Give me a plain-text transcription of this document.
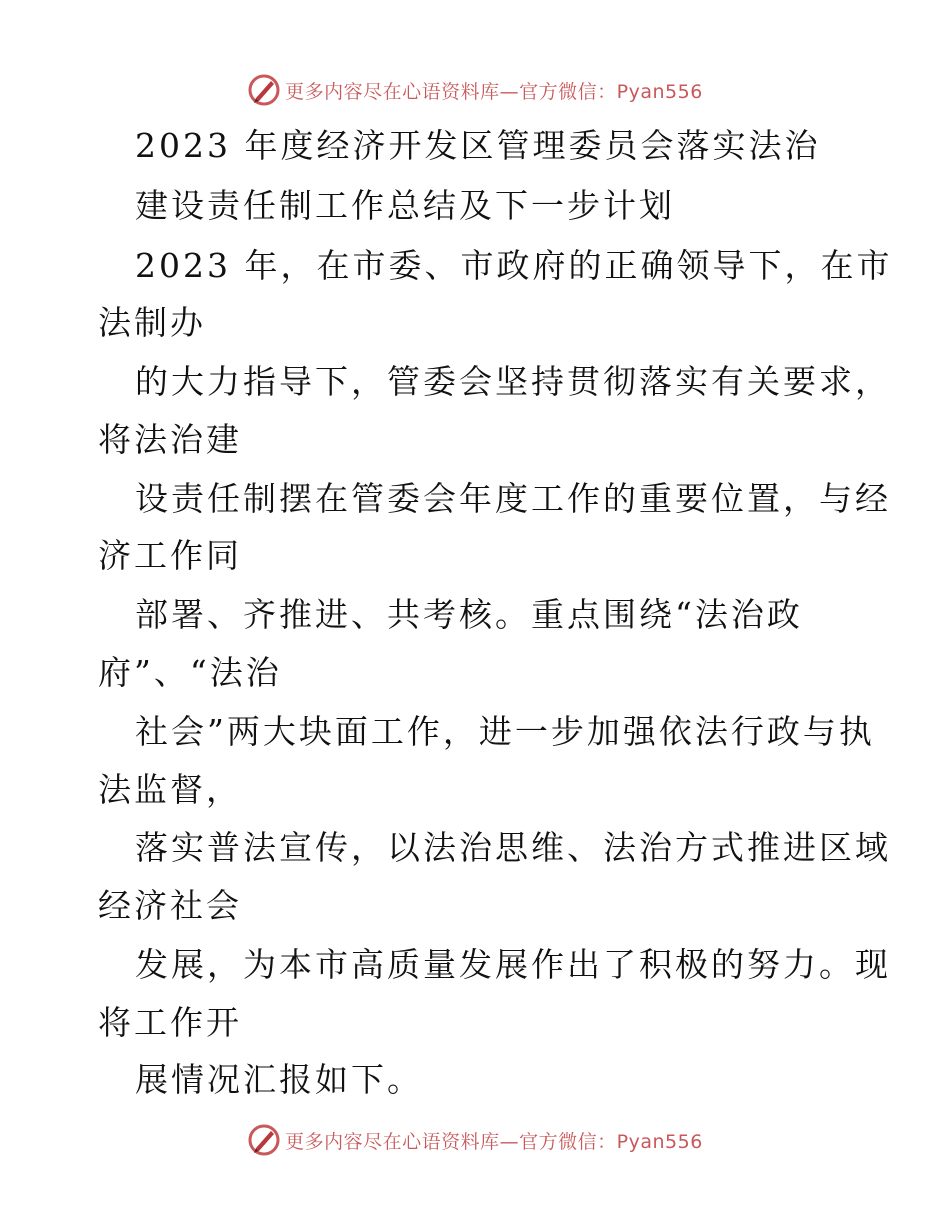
更多内容尽在心语资料库—官方微信：Pyan556
2023 年度经济开发区管理委员会落实法治
建设责任制工作总结及下一步计划
2023 年，在市委、市政府的正确领导下，在市
法制办
的大力指导下，管委会坚持贯彻落实有关要求，
将法治建
设责任制摆在管委会年度工作的重要位置，与经
济工作同
部署、齐推进、共考核。重点围绕“法治政
府”、“法治
社会”两大块面工作，进一步加强依法行政与执
法监督，
落实普法宣传，以法治思维、法治方式推进区域
经济社会
发展，为本市高质量发展作出了积极的努力。现
将工作开
展情况汇报如下。
更多内容尽在心语资料库—官方微信：Pyan556
